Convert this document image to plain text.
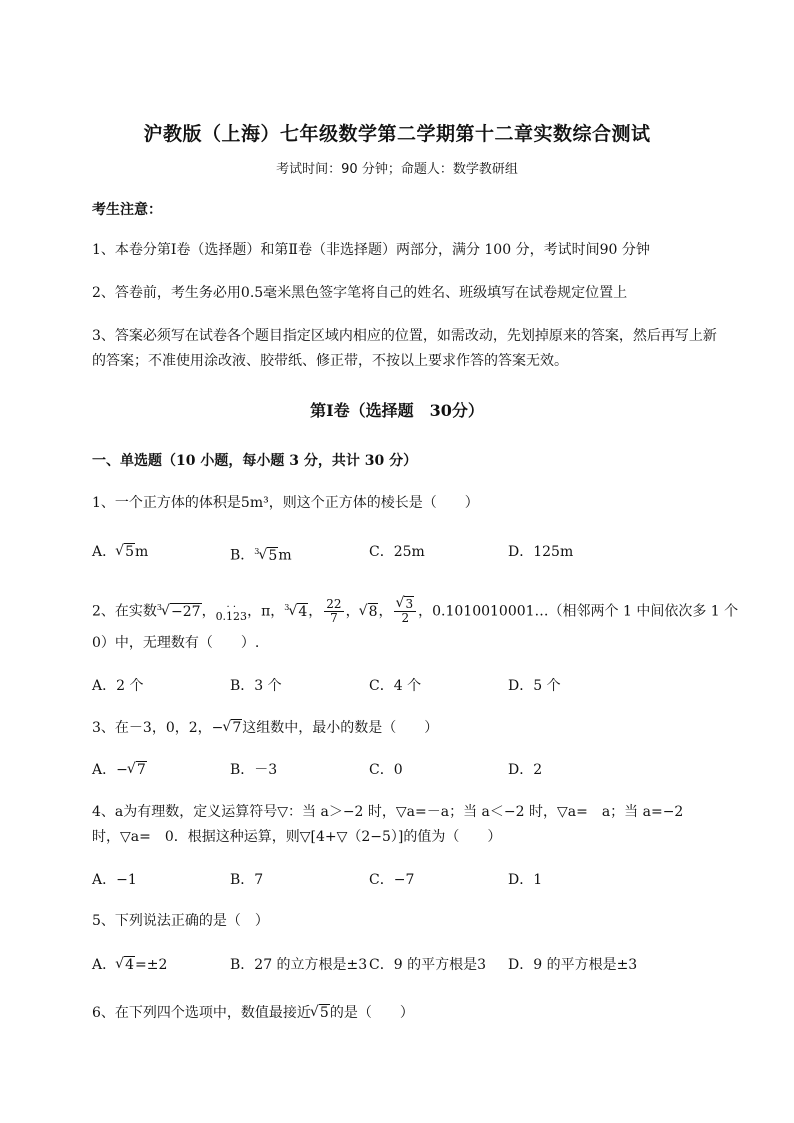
沪教版（上海）七年级数学第二学期第十二章实数综合测试
考试时间：90 分钟；命题人：数学教研组
考生注意：
1、本卷分第Ⅰ卷（选择题）和第Ⅱ卷（非选择题）两部分，满分 100 分，考试时间90 分钟
2、答卷前，考生务必用0.5毫米黑色签字笔将自己的姓名、班级填写在试卷规定位置上
3、答案必须写在试卷各个题目指定区域内相应的位置，如需改动，先划掉原来的答案，然后再写上新
的答案；不准使用涂改液、胶带纸、修正带，不按以上要求作答的答案无效。
第Ⅰ卷（选择题　30分）
一、单选题（10 小题，每小题 3 分，共计 30 分）
1、一个正方体的体积是5m³，则这个正方体的棱长是（　　）
A． √ 5m	B．$^3$ √ 5m	C．25m	D．125m
2、在实数$^3$ √ −27，	· ·
0.123 ，π，$^3$ √ 4， $\frac{22}{7}$ ， √ 8， √ $\frac{3}{2}$ ，0.1010010001…（相邻两个 1 中间依次多 1 个
0）中，无理数有（　　）.
A．2 个	B．3 个	C．4 个	D．5 个
3、在－3，0，2，− √ 7这组数中，最小的数是（　　）
A．− √ 7	B．－3	C．0	D．2
4、a为有理数，定义运算符号▽：当 a＞−2 时，▽a=－a；当 a＜−2 时，▽a=　a；当 a=−2
时，▽a=　0．根据这种运算，则▽[4+▽（2−5）]的值为（　　）
A．−1	B．7	C．−7	D．1
5、下列说法正确的是（　）
A． √ 4=±2	B．27 的立方根是±3 C．9 的平方根是3 D．9 的平方根是±3
6、在下列四个选项中，数值最接近 √ 5的是（　　）
